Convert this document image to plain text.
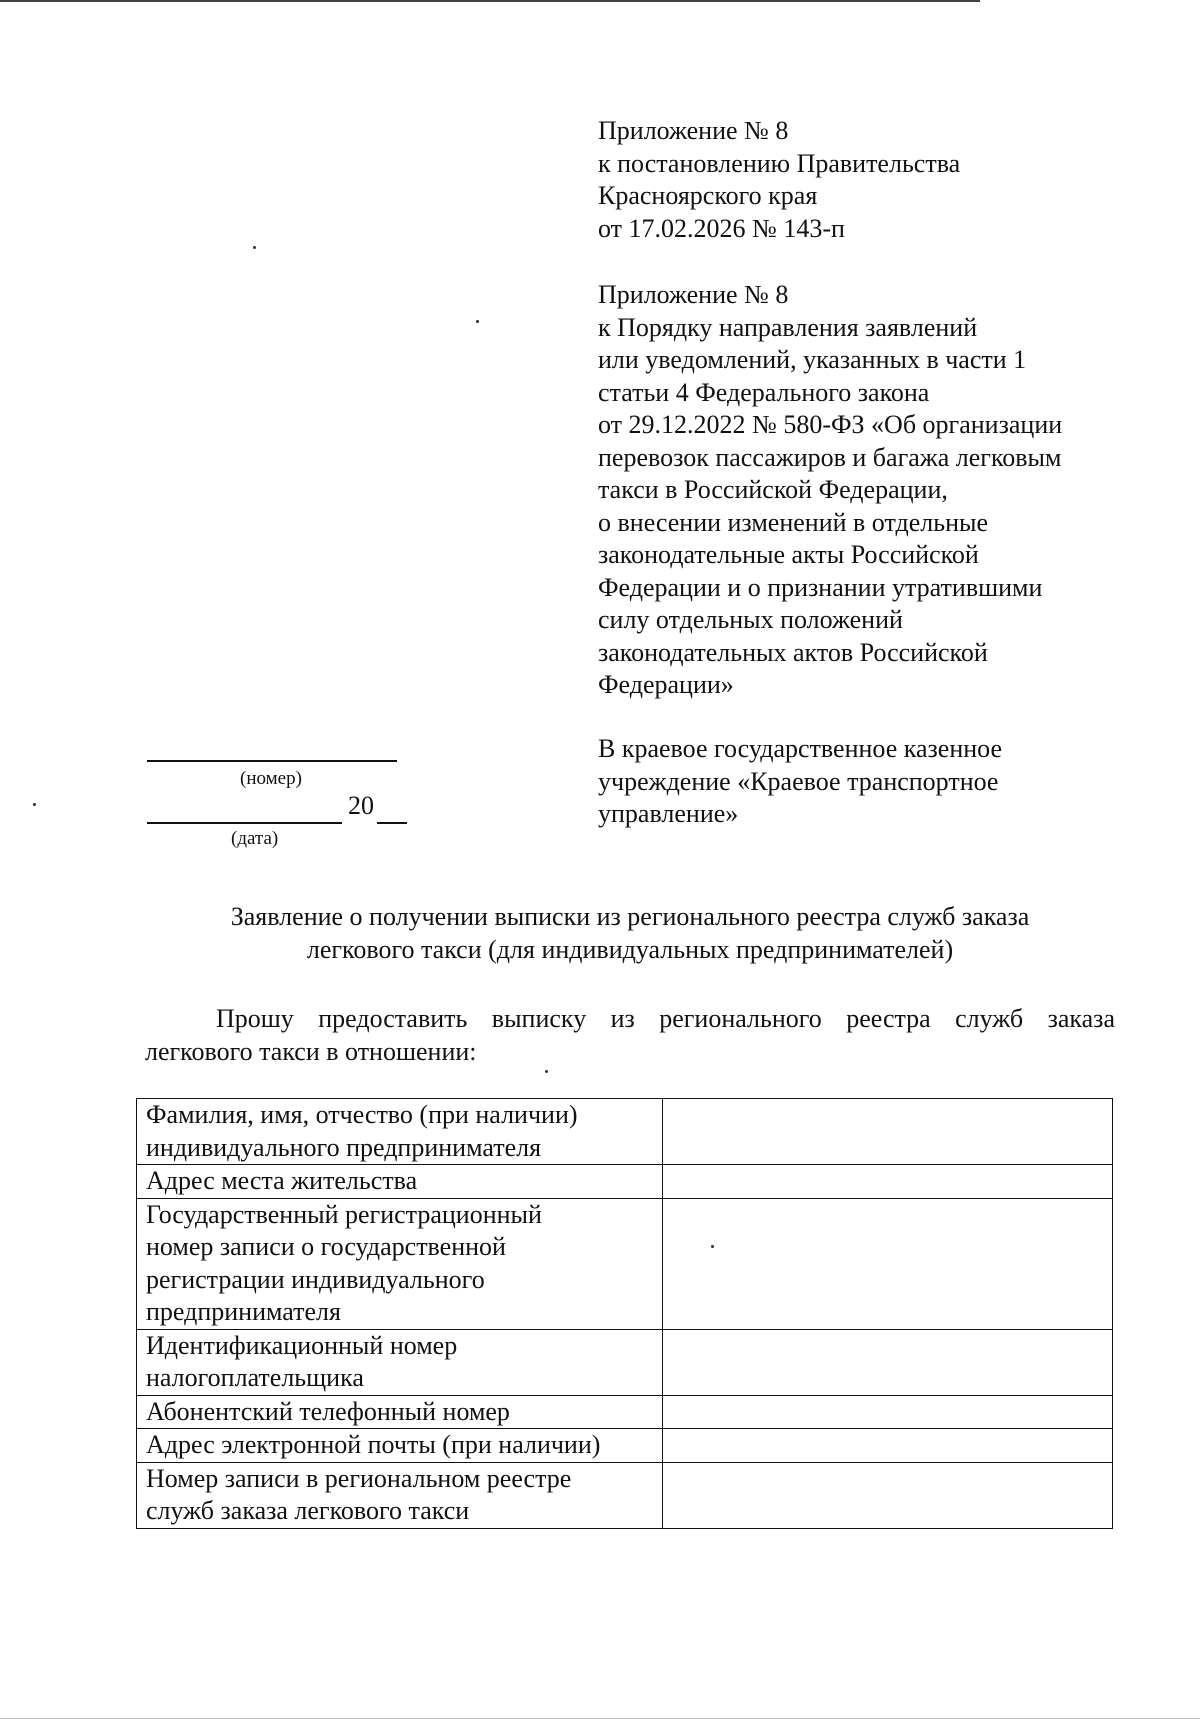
Приложение № 8
к постановлению Правительства
Красноярского края
от 17.02.2026 № 143-п
Приложение № 8
к Порядку направления заявлений
или уведомлений, указанных в части 1
статьи 4 Федерального закона
от 29.12.2022 № 580-ФЗ «Об организации
перевозок пассажиров и багажа легковым
такси в Российской Федерации,
о внесении изменений в отдельные
законодательные акты Российской
Федерации и о признании утратившими
силу отдельных положений
законодательных актов Российской
Федерации»
В краевое государственное казенное
учреждение «Краевое транспортное
управление»
(номер)
20
(дата)
Заявление о получении выписки из регионального реестра служб заказа
легкового такси (для индивидуальных предпринимателей)
Прошу предоставить выписку из регионального реестра служб заказа
легкового такси в отношении:
Фамилия, имя, отчество (при наличии)
индивидуального предпринимателя	

Адрес места жительства	

Государственный регистрационный
номер записи о государственной
регистрации индивидуального
предпринимателя	

Идентификационный номер
налогоплательщика	

Абонентский телефонный номер	

Адрес электронной почты (при наличии)	

Номер записи в региональном реестре
служб заказа легкового такси	
